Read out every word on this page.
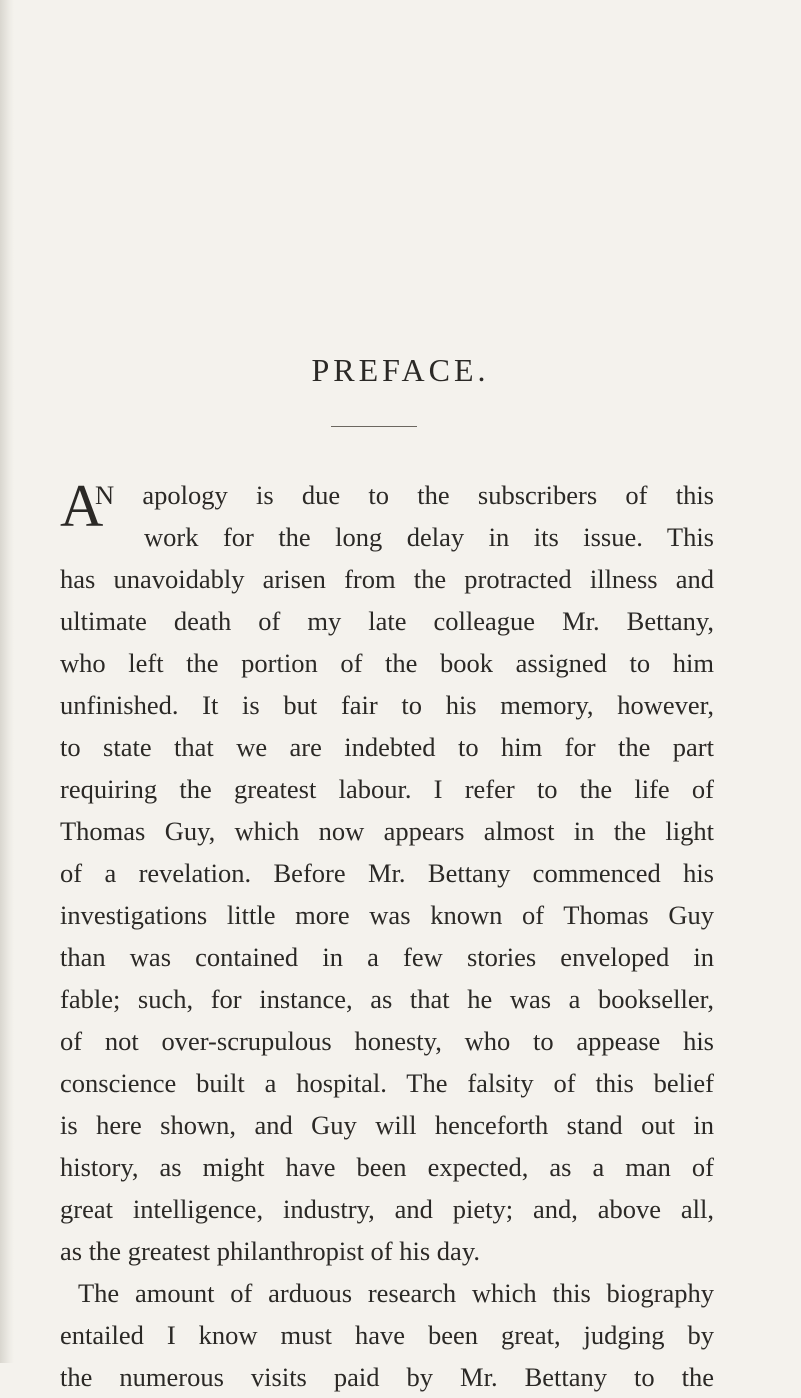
PREFACE.
A
N apology is due to the subscribers of this
work for the long delay in its issue. This
has unavoidably arisen from the protracted illness and
ultimate death of my late colleague Mr. Bettany,
who left the portion of the book assigned to him
unfinished. It is but fair to his memory, however,
to state that we are indebted to him for the part
requiring the greatest labour. I refer to the life of
Thomas Guy, which now appears almost in the light
of a revelation. Before Mr. Bettany commenced his
investigations little more was known of Thomas Guy
than was contained in a few stories enveloped in
fable; such, for instance, as that he was a bookseller,
of not over-scrupulous honesty, who to appease his
conscience built a hospital. The falsity of this belief
is here shown, and Guy will henceforth stand out in
history, as might have been expected, as a man of
great intelligence, industry, and piety; and, above all,
as the greatest philanthropist of his day.
The amount of arduous research which this biography
entailed I know must have been great, judging by
the numerous visits paid by Mr. Bettany to the
